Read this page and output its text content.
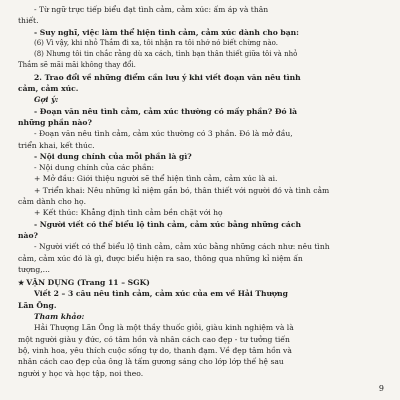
- Từ ngữ trực tiếp biểu đạt tình cảm, cảm xúc: ấm áp và thân
thiết.
- Suy nghĩ, việc làm thể hiện tình cảm, cảm xúc dành cho bạn:
(6) Vì vậy, khi nhỏ Thắm đi xa, tôi nhận ra tôi nhớ nó biết chừng nào.
(8) Nhưng tôi tin chắc rằng dù xa cách, tình bạn thân thiết giữa tôi và nhỏ
Thắm sẽ mãi mãi không thay đổi.
2. Trao đổi về những điểm cần lưu ý khi viết đoạn văn nêu tình
cảm, cảm xúc.
Gợi ý:
- Đoạn văn nêu tình cảm, cảm xúc thường có mấy phần? Đó là
những phần nào?
- Đoạn văn nêu tình cảm, cảm xúc thường có 3 phần. Đó là mở đầu,
triển khai, kết thúc.
- Nội dung chính của mỗi phần là gì?
- Nội dung chính của các phần:
+ Mở đầu: Giới thiệu người sẽ thể hiện tình cảm, cảm xúc là ai.
+ Triển khai: Nêu những kỉ niệm gắn bó, thân thiết với người đó và tình cảm
cảm dành cho họ.
+ Kết thúc: Khẳng định tình cảm bền chặt với họ
- Người viết có thể biểu lộ tình cảm, cảm xúc bằng những cách
nào?
- Người viết có thể biểu lộ tình cảm, cảm xúc bằng những cách như: nêu tình
cảm, cảm xúc đó là gì, được biểu hiện ra sao, thông qua những kỉ niệm ấn
tượng,...
★ VẬN DỤNG (Trang 11 – SGK)
Viết 2 – 3 câu nêu tình cảm, cảm xúc của em về Hải Thượng
Lãn Ông.
Tham khảo:
Hải Thượng Lãn Ông là một thầy thuốc giỏi, giàu kinh nghiệm và là
một người giàu y đức, có tâm hồn và nhân cách cao đẹp - tư tưởng tiến
bộ, vinh hoa, yêu thích cuộc sống tự do, thanh đạm. Về đẹp tâm hồn và
nhân cách cao đẹp của ông là tấm gương sáng cho lớp lớp thế hệ sau
người y học và học tập, noi theo.
9
